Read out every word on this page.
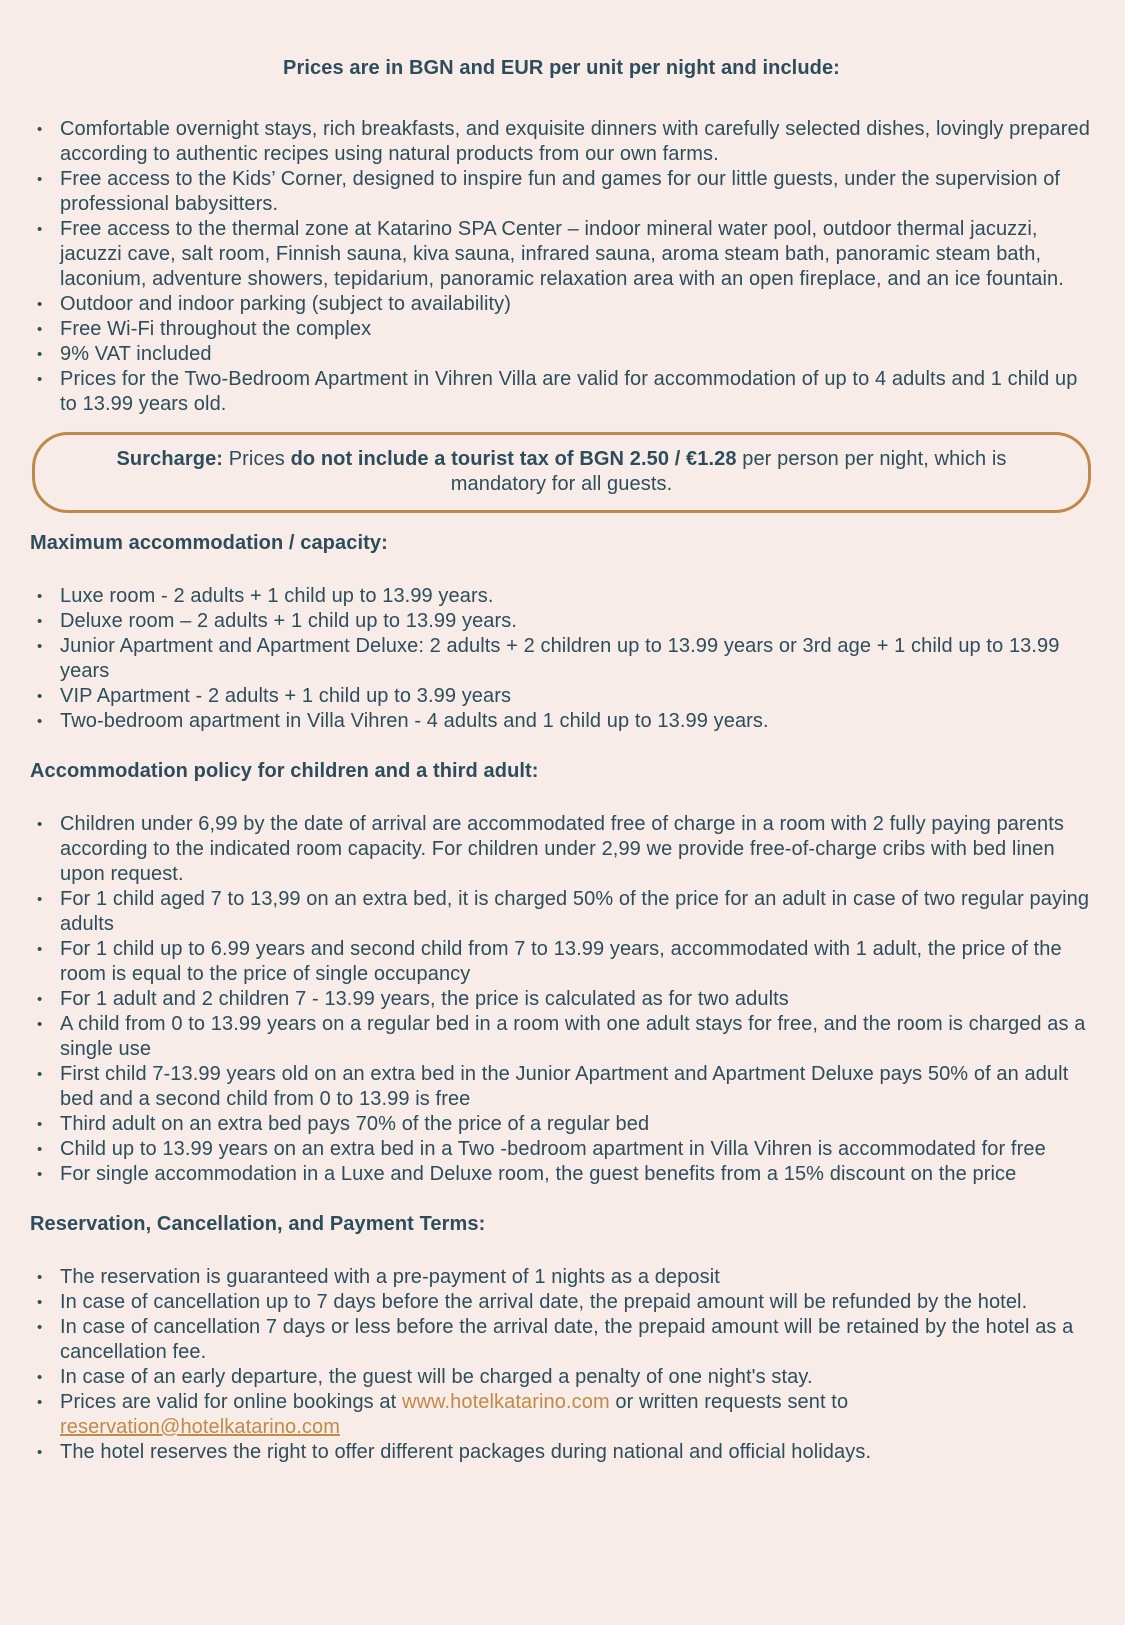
Prices are in BGN and EUR per unit per night and include:

• Comfortable overnight stays, rich breakfasts, and exquisite dinners with carefully selected dishes, lovingly prepared according to authentic recipes using natural products from our own farms.
• Free access to the Kids’ Corner, designed to inspire fun and games for our little guests, under the supervision of professional babysitters.
• Free access to the thermal zone at Katarino SPA Center – indoor mineral water pool, outdoor thermal jacuzzi, jacuzzi cave, salt room, Finnish sauna, kiva sauna, infrared sauna, aroma steam bath, panoramic steam bath, laconium, adventure showers, tepidarium, panoramic relaxation area with an open fireplace, and an ice fountain.
• Outdoor and indoor parking (subject to availability)
• Free Wi-Fi throughout the complex
• 9% VAT included
• Prices for the Two-Bedroom Apartment in Vihren Villa are valid for accommodation of up to 4 adults and 1 child up to 13.99 years old.
Surcharge: Prices do not include a tourist tax of BGN 2.50 / €1.28 per person per night, which is mandatory for all guests.
Maximum accommodation / capacity:
• Luxe room - 2 adults + 1 child up to 13.99 years.
• Deluxe room – 2 adults + 1 child up to 13.99 years.
• Junior Apartment and Apartment Deluxe: 2 adults + 2 children up to 13.99 years or 3rd age + 1 child up to 13.99 years
• VIP Apartment - 2 adults + 1 child up to 3.99 years
• Two-bedroom apartment in Villa Vihren - 4 adults and 1 child up to 13.99 years.
Accommodation policy for children and a third adult:
• Children under 6,99 by the date of arrival are accommodated free of charge in a room with 2 fully paying parents according to the indicated room capacity. For children under 2,99 we provide free-of-charge cribs with bed linen upon request.
• For 1 child aged 7 to 13,99 on an extra bed, it is charged 50% of the price for an adult in case of two regular paying adults
• For 1 child up to 6.99 years and second child from 7 to 13.99 years, accommodated with 1 adult, the price of the room is equal to the price of single occupancy
• For 1 adult and 2 children 7 - 13.99 years, the price is calculated as for two adults
• A child from 0 to 13.99 years on a regular bed in a room with one adult stays for free, and the room is charged as a single use
• First child 7-13.99 years old on an extra bed in the Junior Apartment and Apartment Deluxe pays 50% of an adult bed and a second child from 0 to 13.99 is free
• Third adult on an extra bed pays 70% of the price of a regular bed
• Child up to 13.99 years on an extra bed in a Two -bedroom apartment in Villa Vihren is accommodated for free
• For single accommodation in a Luxe and Deluxe room, the guest benefits from a 15% discount on the price
Reservation, Cancellation, and Payment Terms:
• The reservation is guaranteed with a pre-payment of 1 nights as a deposit
• In case of cancellation up to 7 days before the arrival date, the prepaid amount will be refunded by the hotel.
• In case of cancellation 7 days or less before the arrival date, the prepaid amount will be retained by the hotel as a cancellation fee.
• In case of an early departure, the guest will be charged a penalty of one night's stay.
• Prices are valid for online bookings at www.hotelkatarino.com or written requests sent to
reservation@hotelkatarino.com
• The hotel reserves the right to offer different packages during national and official holidays.
